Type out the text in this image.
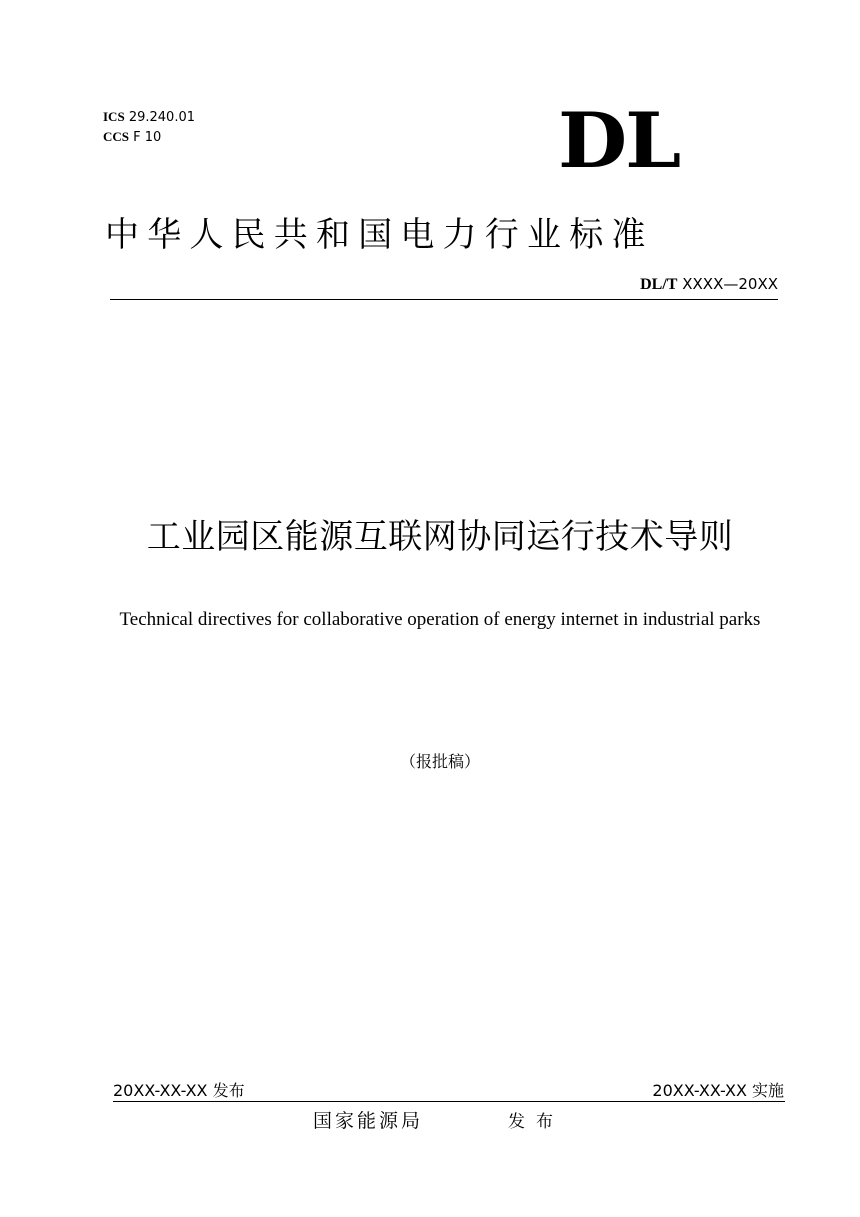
ICS 29.240.01
CCS F 10	DL
中华人民共和国电力行业标准
DL/T XXXX—20XX
工业园区能源互联网协同运行技术导则
Technical directives for collaborative operation of energy internet in industrial parks
（报批稿）
20XX-XX-XX 发布	20XX-XX-XX 实施
国家能源局	发布
